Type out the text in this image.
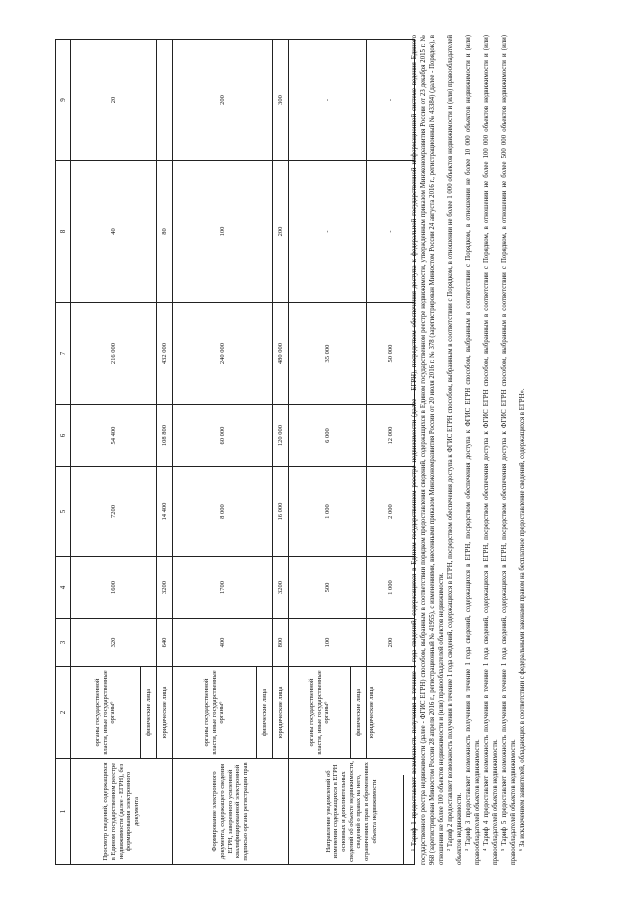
1	2	3	4	5	6	7	8	9
Просмотр сведений, содержащихся в Едином государственном реестре недвижимости (далее - ЕГРН), без формирования электронного документа	органы государственной власти, иные государственные органы⁶	320	1600	7200	54 400	216 000	40	20
	физические лица							
	юридические лица	640	3200	14 400	108 800	432 000	80	
Формирование электронного документа, содержащего сведения ЕГРН, заверенного усиленной квалифицированной электронной подписью органа регистрации прав	органы государственной власти, иные государственные органы⁶	400	1700	8 000	60 000	240 000	100	200
	физические лица							
	юридические лица	800	3200	16 000	120 000	480 000	200	300
Направление уведомлений об изменении содержащихся в ЕГРН основных и дополнительных сведений об объекте недвижимости, сведений о правах на него, ограничениях прав и обременениях объекта недвижимости	органы государственной власти, иные государственные органы⁶	100	500	1 000	6 000	35 000	-	-
	физические лица							
	юридические лица	200	1 000	2 000	12 000	50 000	-	-	¹ Тариф 1 предоставляет возможность получения в течение 1 года сведений, содержащихся в Едином государственном реестре недвижимости (далее - ЕГРН), посредством обеспечения доступа к федеральной государственной информационной системе ведения Единого государственного реестра недвижимости (далее - ФГИС ЕГРН) способом, выбранным в соответствии порядком предоставления сведений, содержащихся в Едином государственном реестре недвижимости, утвержденным приказом Минэкономразвития России от 23 декабря 2015 г. № 968 (зарегистрирован Минюстом России 28 апреля 2016 г., регистрационный № 41955), с изменениями, внесенными приказом Минэкономразвития России от 20 июля 2016 г. № 378 (зарегистрирован Минюстом России 24 августа 2016 г., регистрационный № 43384) (далее - Порядок), в отношении не более 100 объектов недвижимости и (или) правообладателей объектов недвижимости. ² Тариф 2 предоставляет возможность получения в течение 1 года сведений, содержащихся в ЕГРН, посредством обеспечения доступа к ФГИС ЕГРН способом, выбранным в соответствии с Порядком, в отношении не более 1 000 объектов недвижимости и (или) правообладателей объектов недвижимости. ³ Тариф 3 предоставляет возможность получения в течение 1 года сведений, содержащихся в ЕГРН, посредством обеспечения доступа к ФГИС ЕГРН способом, выбранным в соответствии с Порядком, в отношении не более 10 000 объектов недвижимости и (или) правообладателей объектов недвижимости. ⁴ Тариф 4 предоставляет возможность получения в течение 1 года сведений, содержащихся в ЕГРН, посредством обеспечения доступа к ФГИС ЕГРН способом, выбранным в соответствии с Порядком, в отношении не более 100 000 объектов недвижимости и (или) правообладателей объектов недвижимости. ⁵ Тариф 5 предоставляет возможность получения в течение 1 года сведений, содержащихся в ЕГРН, посредством обеспечения доступа к ФГИС ЕГРН способом, выбранным в соответствии с Порядком, в отношении не более 500 000 объектов недвижимости и (или) правообладателей объектов недвижимости. ⁶ За исключением заявителей, обладающих в соответствии с федеральными законами правом на бесплатное предоставление сведений, содержащихся в ЕГРН».
